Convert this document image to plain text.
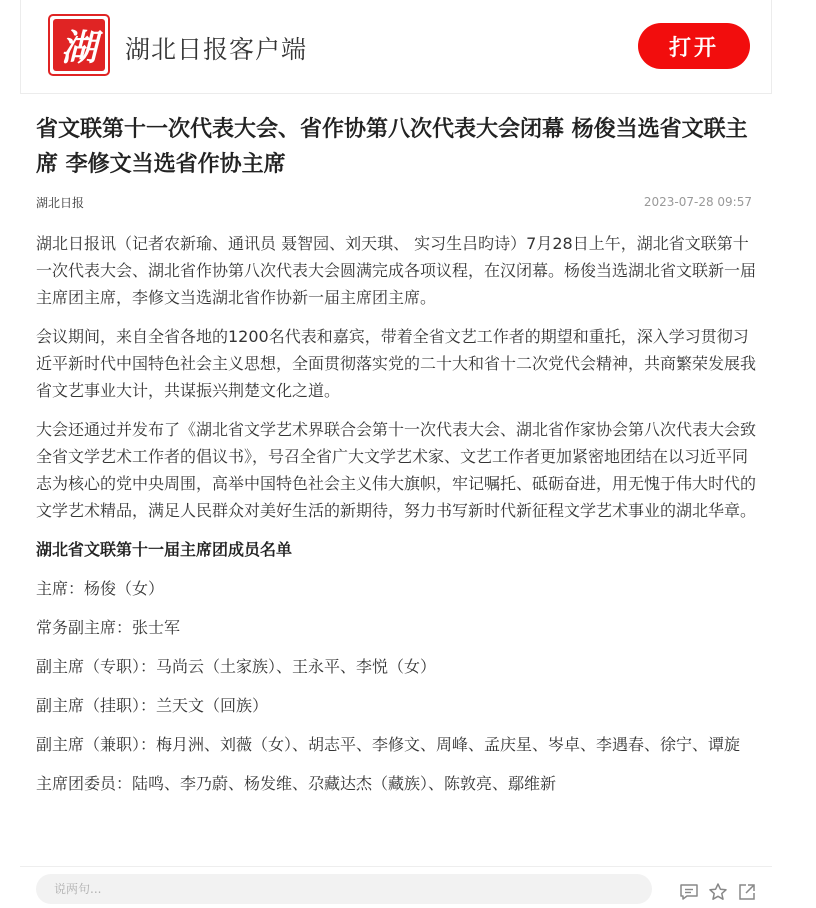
湖	湖北日报客户端	打开
省文联第十一次代表大会、省作协第八次代表大会闭幕 杨俊当选省文联主席 李修文当选省作协主席
湖北日报	2023-07-28 09:57

湖北日报讯（记者农新瑜、通讯员 聂智园、刘天琪、 实习生吕昀诗）7月28日上午，湖北省文联第十一次代表大会、湖北省作协第八次代表大会圆满完成各项议程，在汉闭幕。杨俊当选湖北省文联新一届主席团主席，李修文当选湖北省作协新一届主席团主席。

会议期间，来自全省各地的1200名代表和嘉宾，带着全省文艺工作者的期望和重托，深入学习贯彻习近平新时代中国特色社会主义思想，全面贯彻落实党的二十大和省十二次党代会精神，共商繁荣发展我省文艺事业大计，共谋振兴荆楚文化之道。

大会还通过并发布了《湖北省文学艺术界联合会第十一次代表大会、湖北省作家协会第八次代表大会致全省文学艺术工作者的倡议书》，号召全省广大文学艺术家、文艺工作者更加紧密地团结在以习近平同志为核心的党中央周围，高举中国特色社会主义伟大旗帜，牢记嘱托、砥砺奋进，用无愧于伟大时代的文学艺术精品，满足人民群众对美好生活的新期待，努力书写新时代新征程文学艺术事业的湖北华章。

湖北省文联第十一届主席团成员名单

主席：杨俊（女）

常务副主席：张士军

副主席（专职）：马尚云（土家族）、王永平、李悦（女）

副主席（挂职）：兰天文（回族）

副主席（兼职）：梅月洲、刘薇（女）、胡志平、李修文、周峰、孟庆星、岑卓、李遇春、徐宁、谭旋

主席团委员：陆鸣、李乃蔚、杨发维、尕藏达杰（藏族）、陈敦亮、鄢维新

说两句...
